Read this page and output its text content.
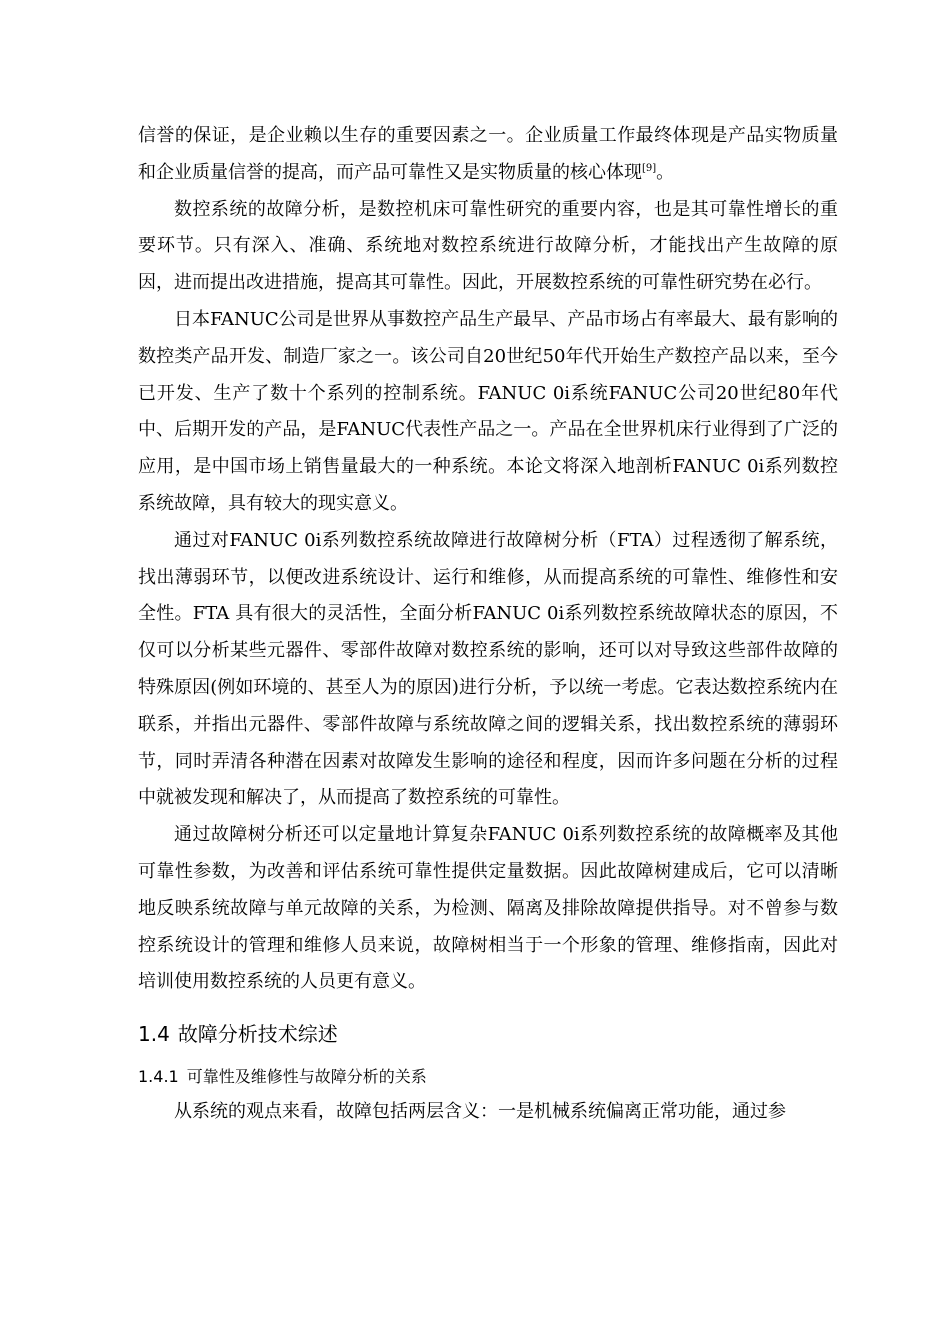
信誉的保证，是企业赖以生存的重要因素之一。企业质量工作最终体现是产品实物质量和企业质量信誉的提高，而产品可靠性又是实物质量的核心体现[9]。

数控系统的故障分析，是数控机床可靠性研究的重要内容，也是其可靠性增长的重要环节。只有深入、准确、系统地对数控系统进行故障分析，才能找出产生故障的原因，进而提出改进措施，提高其可靠性。因此，开展数控系统的可靠性研究势在必行。

日本FANUC公司是世界从事数控产品生产最早、产品市场占有率最大、最有影响的数控类产品开发、制造厂家之一。该公司自20世纪50年代开始生产数控产品以来，至今已开发、生产了数十个系列的控制系统。FANUC 0i系统FANUC公司20世纪80年代中、后期开发的产品，是FANUC代表性产品之一。产品在全世界机床行业得到了广泛的应用，是中国市场上销售量最大的一种系统。本论文将深入地剖析FANUC 0i系列数控系统故障，具有较大的现实意义。

通过对FANUC 0i系列数控系统故障进行故障树分析（FTA）过程透彻了解系统，找出薄弱环节，以便改进系统设计、运行和维修，从而提高系统的可靠性、维修性和安全性。FTA 具有很大的灵活性，全面分析FANUC 0i系列数控系统故障状态的原因，不仅可以分析某些元器件、零部件故障对数控系统的影响，还可以对导致这些部件故障的特殊原因(例如环境的、甚至人为的原因)进行分析，予以统一考虑。它表达数控系统内在联系，并指出元器件、零部件故障与系统故障之间的逻辑关系，找出数控系统的薄弱环节，同时弄清各种潜在因素对故障发生影响的途径和程度，因而许多问题在分析的过程中就被发现和解决了，从而提高了数控系统的可靠性。

通过故障树分析还可以定量地计算复杂FANUC 0i系列数控系统的故障概率及其他可靠性参数，为改善和评估系统可靠性提供定量数据。因此故障树建成后，它可以清晰地反映系统故障与单元故障的关系，为检测、隔离及排除故障提供指导。对不曾参与数控系统设计的管理和维修人员来说，故障树相当于一个形象的管理、维修指南，因此对培训使用数控系统的人员更有意义。

1.4 故障分析技术综述
1.4.1 可靠性及维修性与故障分析的关系

从系统的观点来看，故障包括两层含义：一是机械系统偏离正常功能，通过参
